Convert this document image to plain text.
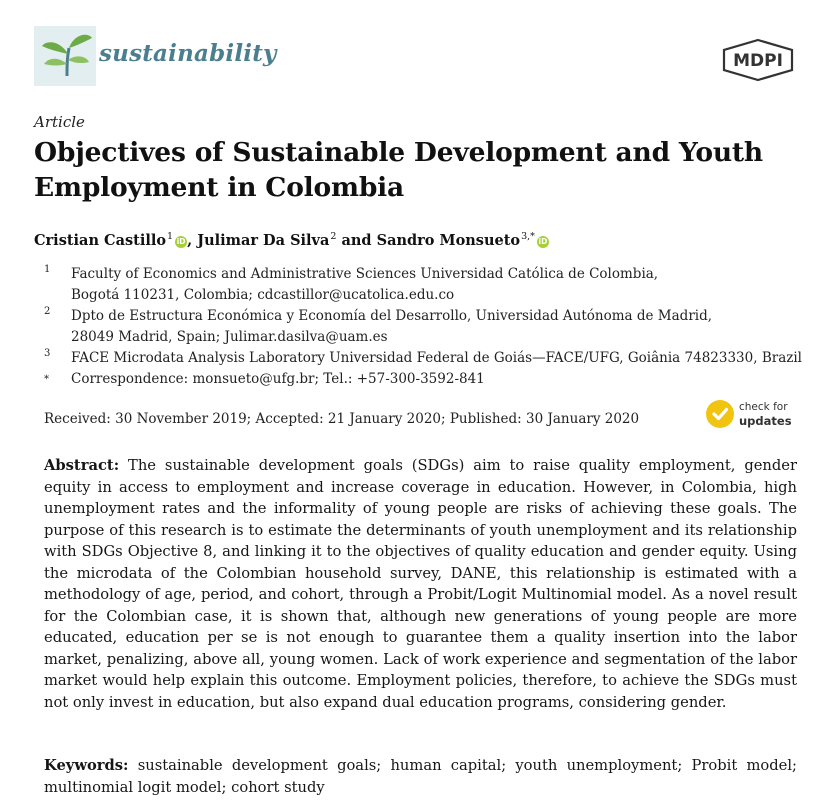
sustainability	MDPI
Article
Objectives of Sustainable Development and Youth Employment in Colombia
Cristian Castillo$^1$ iD , Julimar Da Silva$^2$ and Sandro Monsueto$^{3,*}$ iD
1 Faculty of Economics and Administrative Sciences Universidad Católica de Colombia,
Bogotá 110231, Colombia; cdcastillor@ucatolica.edu.co
2 Dpto de Estructura Económica y Economía del Desarrollo, Universidad Autónoma de Madrid,
28049 Madrid, Spain; Julimar.dasilva@uam.es
3 FACE Microdata Analysis Laboratory Universidad Federal de Goiás—FACE/UFG, Goiânia 74823330, Brazil
* Correspondence: monsueto@ufg.br; Tel.: +57-300-3592-841
Received: 30 November 2019; Accepted: 21 January 2020; Published: 30 January 2020
check for
updates

Abstract: The sustainable development goals (SDGs) aim to raise quality employment, gender equity in access to employment and increase coverage in education. However, in Colombia, high unemployment rates and the informality of young people are risks of achieving these goals. The purpose of this research is to estimate the determinants of youth unemployment and its relationship with SDGs Objective 8, and linking it to the objectives of quality education and gender equity. Using the microdata of the Colombian household survey, DANE, this relationship is estimated with a methodology of age, period, and cohort, through a Probit/Logit Multinomial model. As a novel result for the Colombian case, it is shown that, although new generations of young people are more educated, education per se is not enough to guarantee them a quality insertion into the labor market, penalizing, above all, young women. Lack of work experience and segmentation of the labor market would help explain this outcome. Employment policies, therefore, to achieve the SDGs must not only invest in education, but also expand dual education programs, considering gender.

Keywords: sustainable development goals; human capital; youth unemployment; Probit model; multinomial logit model; cohort study
